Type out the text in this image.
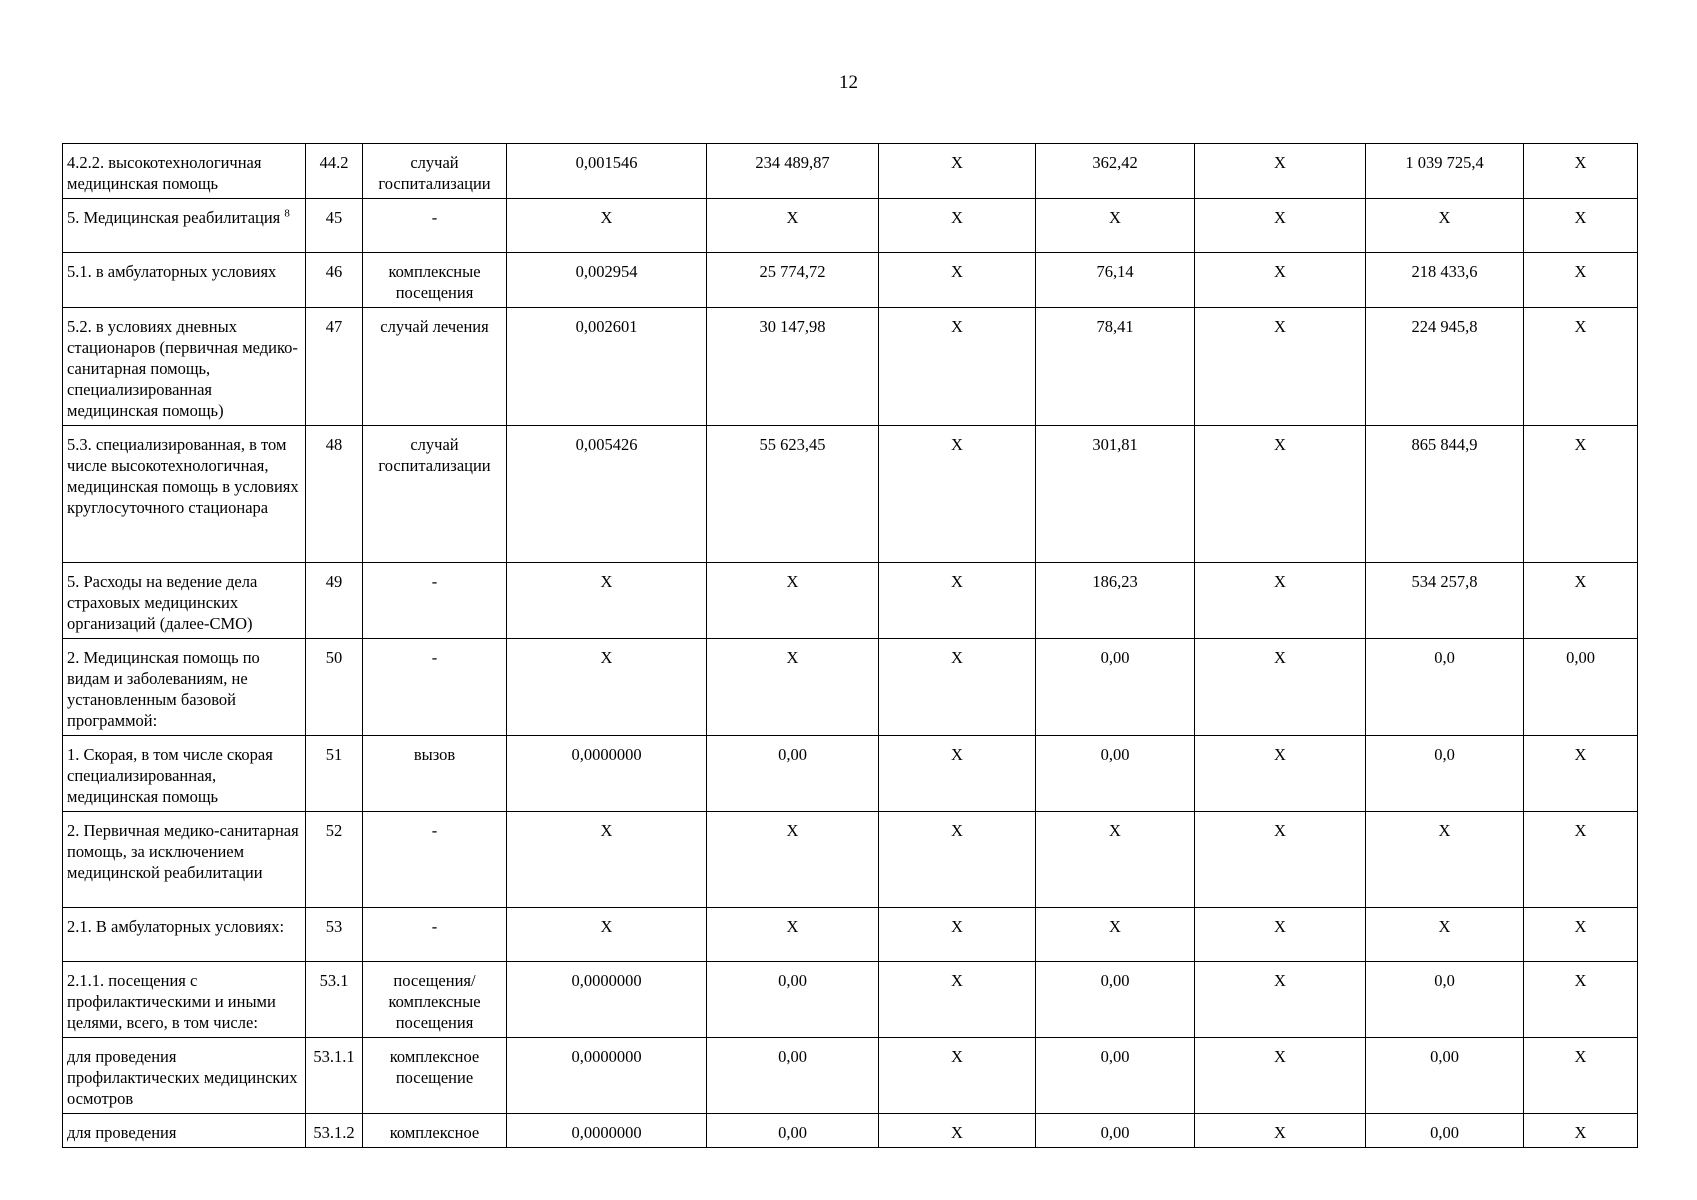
12
4.2.2. высокотехнологичная медицинская помощь	44.2	случай госпитализации	0,001546	234 489,87	X	362,42	X	1 039 725,4	X
5. Медицинская реабилитация $^8$	45	-	X	X	X	X	X	X	X
5.1. в амбулаторных условиях	46	комплексные посещения	0,002954	25 774,72	X	76,14	X	218 433,6	X
5.2. в условиях дневных стационаров (первичная медико-санитарная помощь, специализированная медицинская помощь)	47	случай лечения	0,002601	30 147,98	X	78,41	X	224 945,8	X
5.3. специализированная, в том числе высокотехнологичная, медицинская помощь в условиях круглосуточного стационара	48	случай госпитализации	0,005426	55 623,45	X	301,81	X	865 844,9	X
5. Расходы на ведение дела страховых медицинских организаций (далее-СМО)	49	-	X	X	X	186,23	X	534 257,8	X
2. Медицинская помощь по видам и заболеваниям, не установленным базовой программой:	50	-	X	X	X	0,00	X	0,0	0,00
1. Скорая, в том числе скорая специализированная, медицинская помощь	51	вызов	0,0000000	0,00	X	0,00	X	0,0	X
2. Первичная медико-санитарная помощь, за исключением медицинской реабилитации	52	-	X	X	X	X	X	X	X
2.1. В амбулаторных условиях:	53	-	X	X	X	X	X	X	X
2.1.1. посещения с профилактическими и иными целями, всего, в том числе:	53.1	посещения/комплексные посещения	0,0000000	0,00	X	0,00	X	0,0	X
для проведения профилактических медицинских осмотров	53.1.1	комплексное посещение	0,0000000	0,00	X	0,00	X	0,00	X
для проведения	53.1.2	комплексное	0,0000000	0,00	X	0,00	X	0,00	X
